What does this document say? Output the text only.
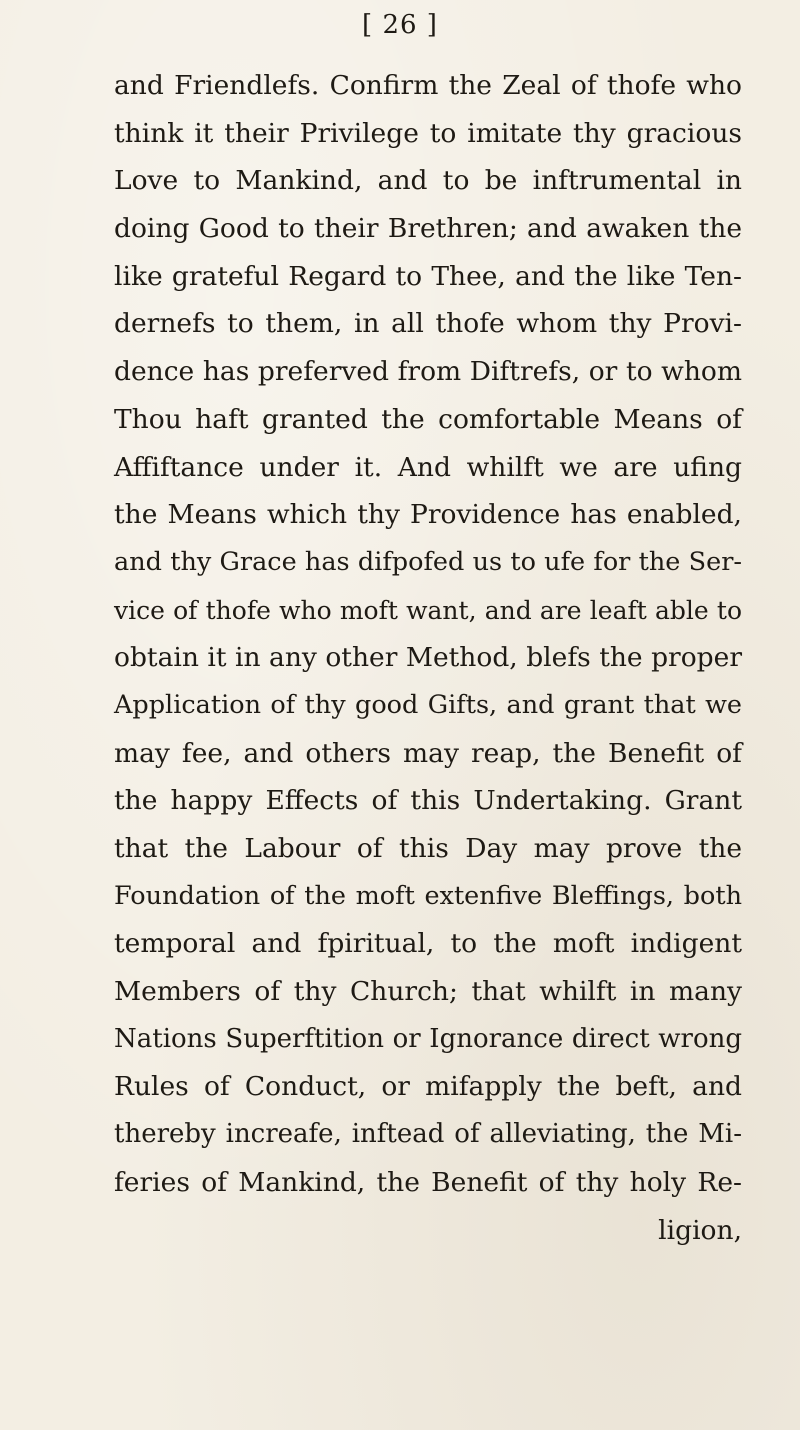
[ 26 ]
and Friendlefs. Confirm the Zeal of thofe who
think it their Privilege to imitate thy gracious
Love to Mankind, and to be inftrumental in
doing Good to their Brethren; and awaken the
like grateful Regard to Thee, and the like Ten-
dernefs to them, in all thofe whom thy Provi-
dence has preferved from Diftrefs, or to whom
Thou haft granted the comfortable Means of
Affiftance under it. And whilft we are ufing
the Means which thy Providence has enabled,
and thy Grace has difpofed us to ufe for the Ser-
vice of thofe who moft want, and are leaft able to
obtain it in any other Method, blefs the proper
Application of thy good Gifts, and grant that we
may fee, and others may reap, the Benefit of
the happy Effects of this Undertaking. Grant
that the Labour of this Day may prove the
Foundation of the moft extenfive Bleffings, both
temporal and fpiritual, to the moft indigent
Members of thy Church; that whilft in many
Nations Superftition or Ignorance direct wrong
Rules of Conduct, or mifapply the beft, and
thereby increafe, inftead of alleviating, the Mi-
feries of Mankind, the Benefit of thy holy Re-
ligion,
